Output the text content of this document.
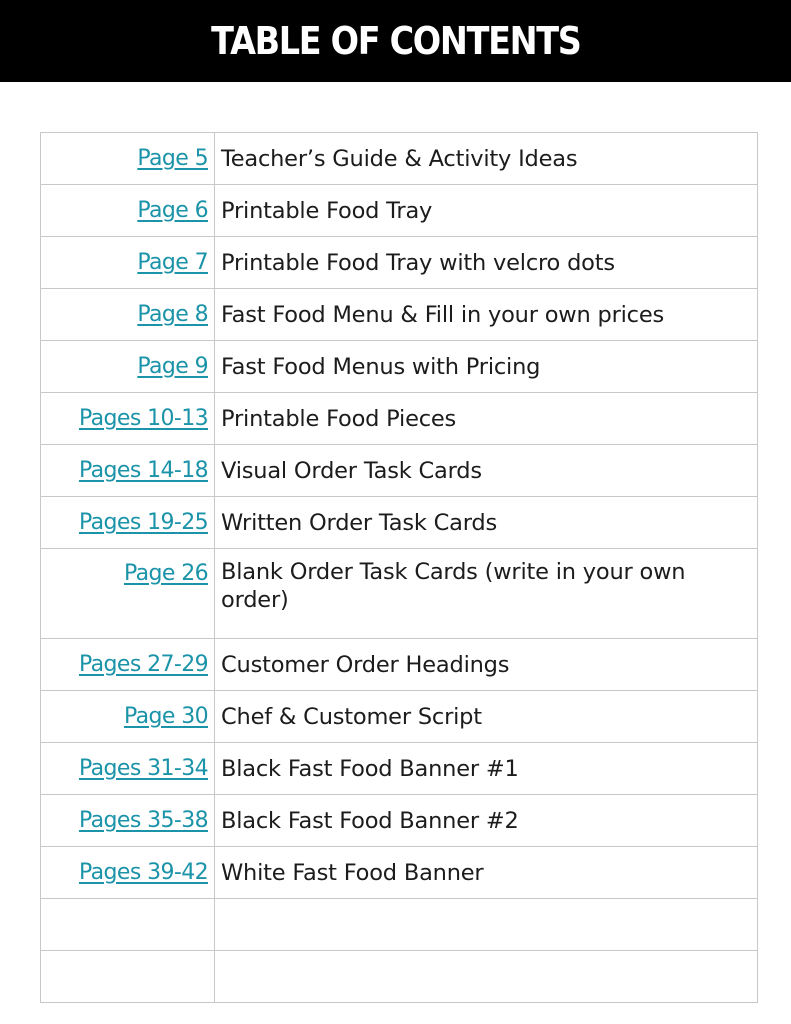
TABLE OF CONTENTS
Page 5	Teacher’s Guide & Activity Ideas
Page 6	Printable Food Tray
Page 7	Printable Food Tray with velcro dots
Page 8	Fast Food Menu & Fill in your own prices
Page 9	Fast Food Menus with Pricing
Pages 10-13	Printable Food Pieces
Pages 14-18	Visual Order Task Cards
Pages 19-25	Written Order Task Cards
Page 26	Blank Order Task Cards (write in your own order)
Pages 27-29	Customer Order Headings
Page 30	Chef & Customer Script
Pages 31-34	Black Fast Food Banner #1
Pages 35-38	Black Fast Food Banner #2
Pages 39-42	White Fast Food Banner
